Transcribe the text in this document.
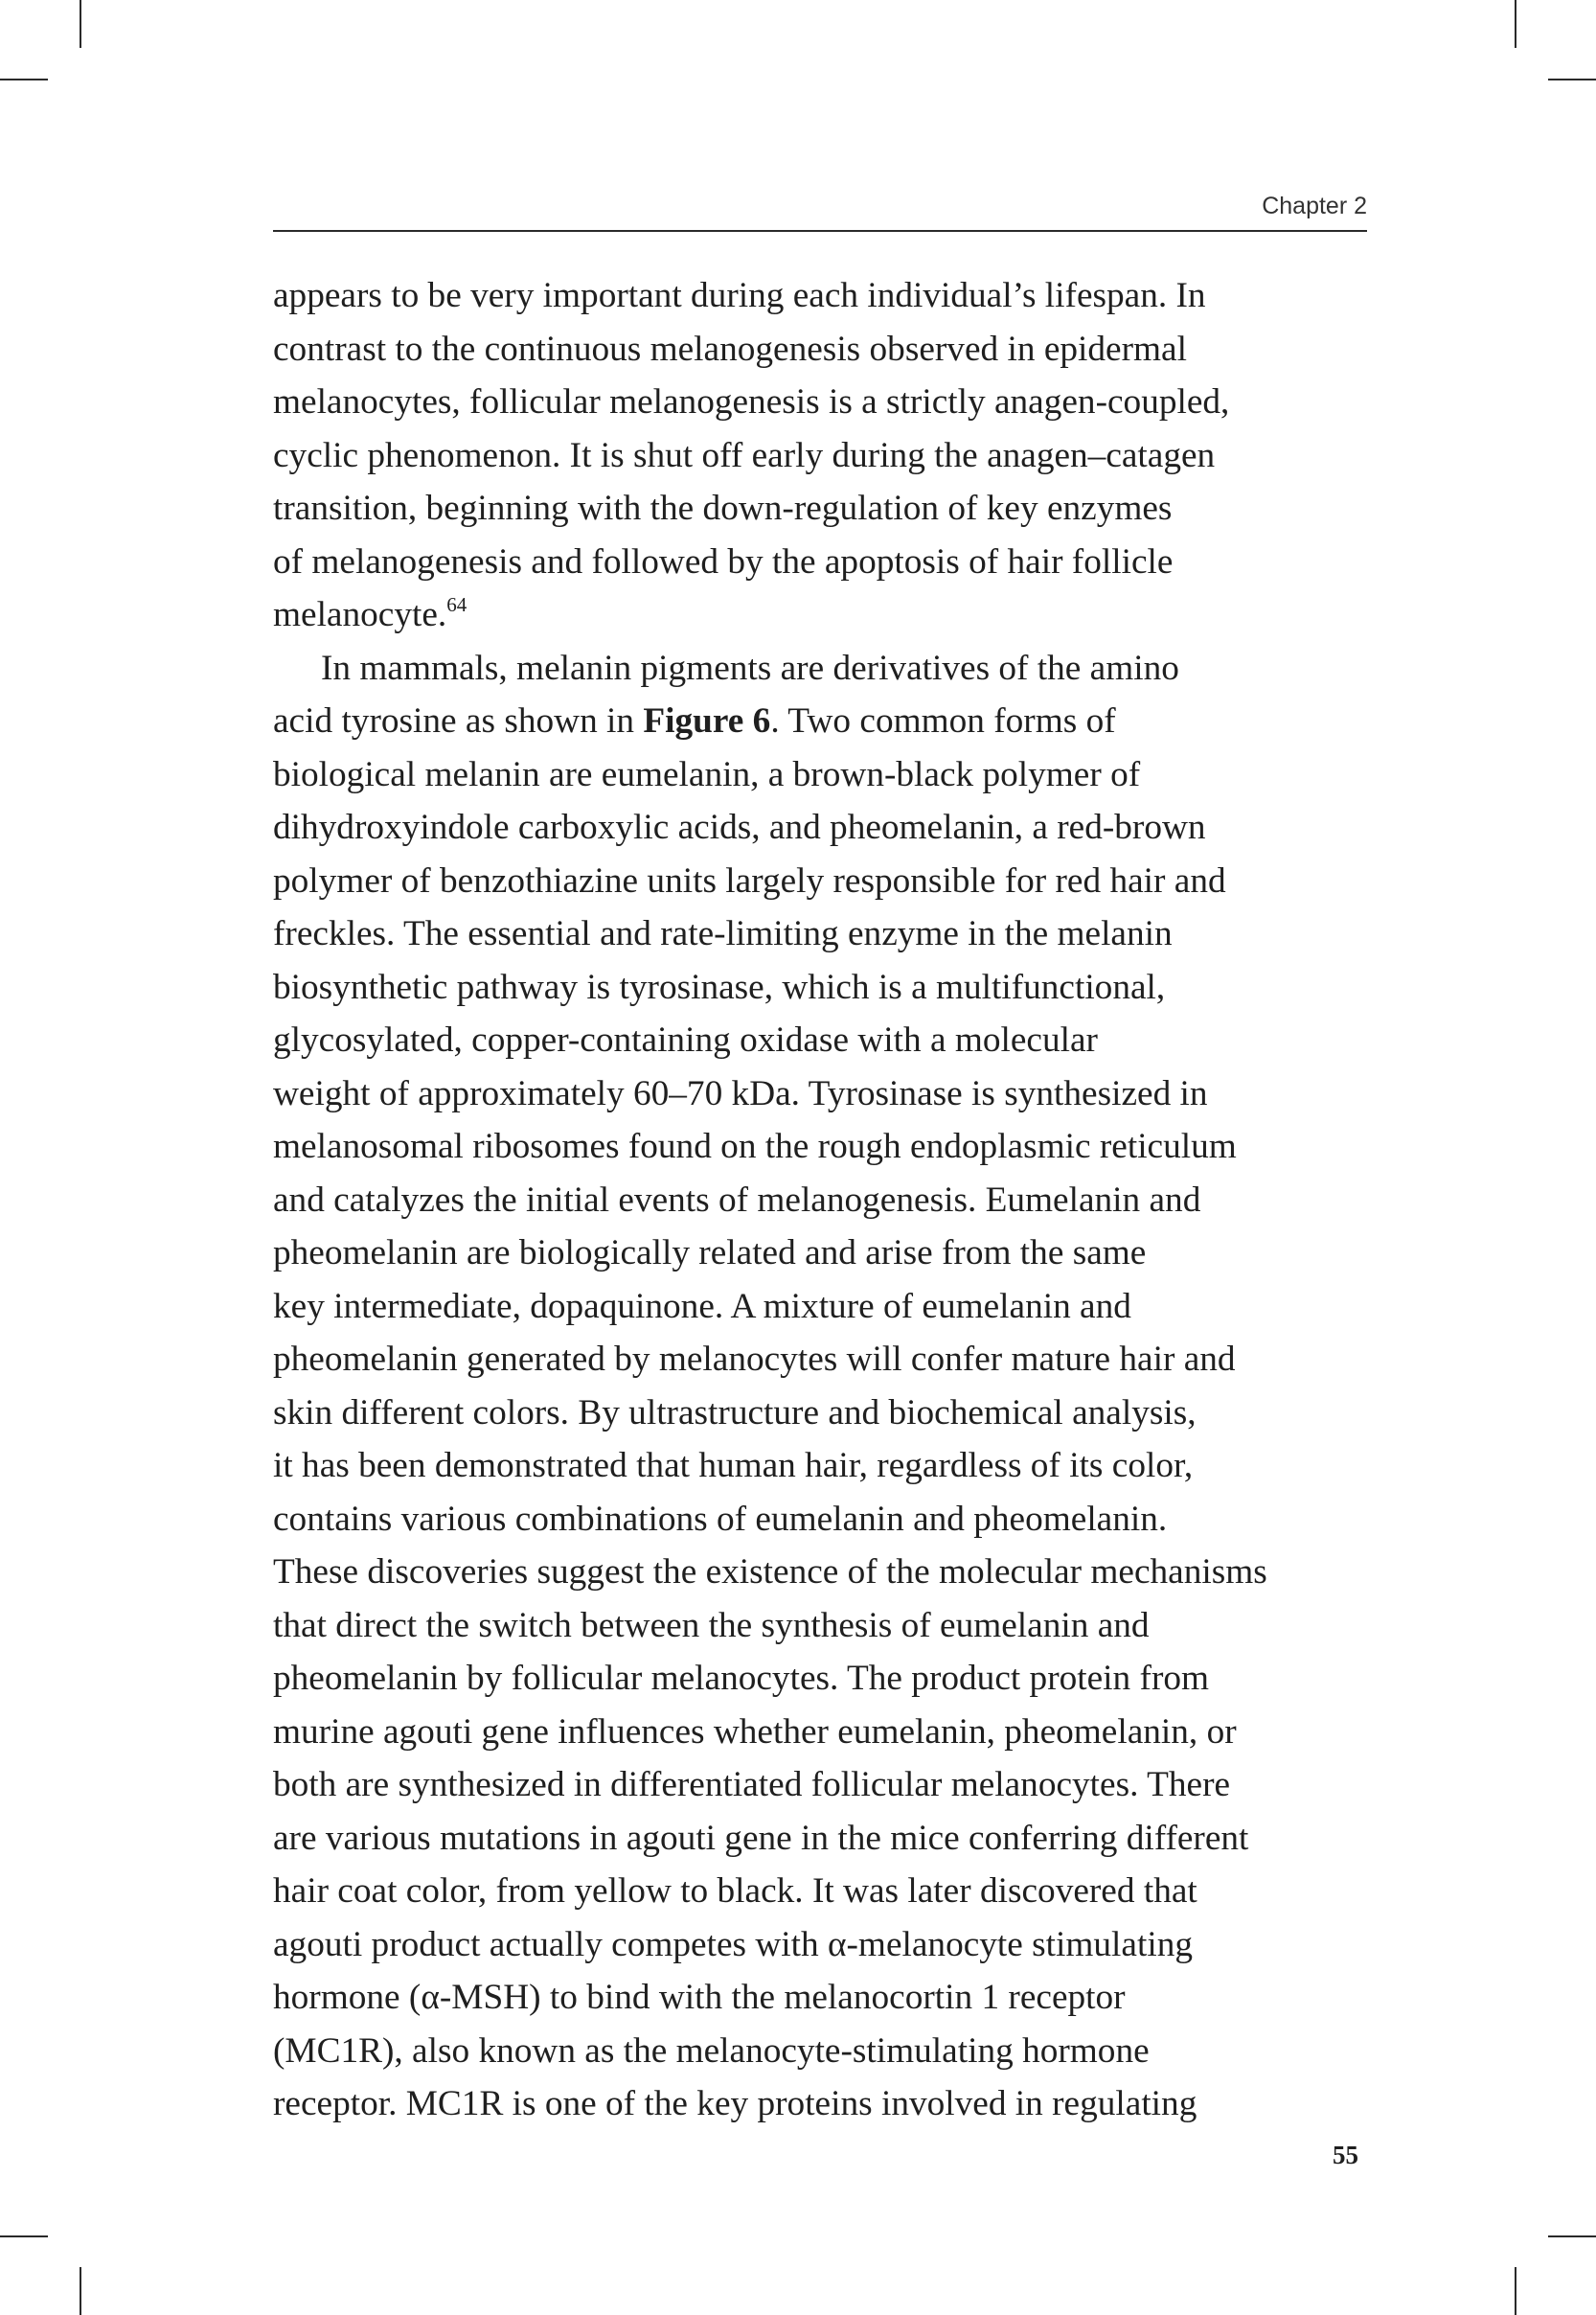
Chapter 2
appears to be very important during each individual’s lifespan. In
contrast to the continuous melanogenesis observed in epidermal
melanocytes, follicular melanogenesis is a strictly anagen-coupled,
cyclic phenomenon. It is shut off early during the anagen–catagen
transition, beginning with the down-regulation of key enzymes
of melanogenesis and followed by the apoptosis of hair follicle
melanocyte.$^{64}$
In mammals, melanin pigments are derivatives of the amino
acid tyrosine as shown in Figure 6. Two common forms of
biological melanin are eumelanin, a brown-black polymer of
dihydroxyindole carboxylic acids, and pheomelanin, a red-brown
polymer of benzothiazine units largely responsible for red hair and
freckles. The essential and rate-limiting enzyme in the melanin
biosynthetic pathway is tyrosinase, which is a multifunctional,
glycosylated, copper-containing oxidase with a molecular
weight of approximately 60–70 kDa. Tyrosinase is synthesized in
melanosomal ribosomes found on the rough endoplasmic reticulum
and catalyzes the initial events of melanogenesis. Eumelanin and
pheomelanin are biologically related and arise from the same
key intermediate, dopaquinone. A mixture of eumelanin and
pheomelanin generated by melanocytes will confer mature hair and
skin different colors. By ultrastructure and biochemical analysis,
it has been demonstrated that human hair, regardless of its color,
contains various combinations of eumelanin and pheomelanin.
These discoveries suggest the existence of the molecular mechanisms
that direct the switch between the synthesis of eumelanin and
pheomelanin by follicular melanocytes. The product protein from
murine agouti gene influences whether eumelanin, pheomelanin, or
both are synthesized in differentiated follicular melanocytes. There
are various mutations in agouti gene in the mice conferring different
hair coat color, from yellow to black. It was later discovered that
agouti product actually competes with α-melanocyte stimulating
hormone (α-MSH) to bind with the melanocortin 1 receptor
(MC1R), also known as the melanocyte-stimulating hormone
receptor. MC1R is one of the key proteins involved in regulating
55
